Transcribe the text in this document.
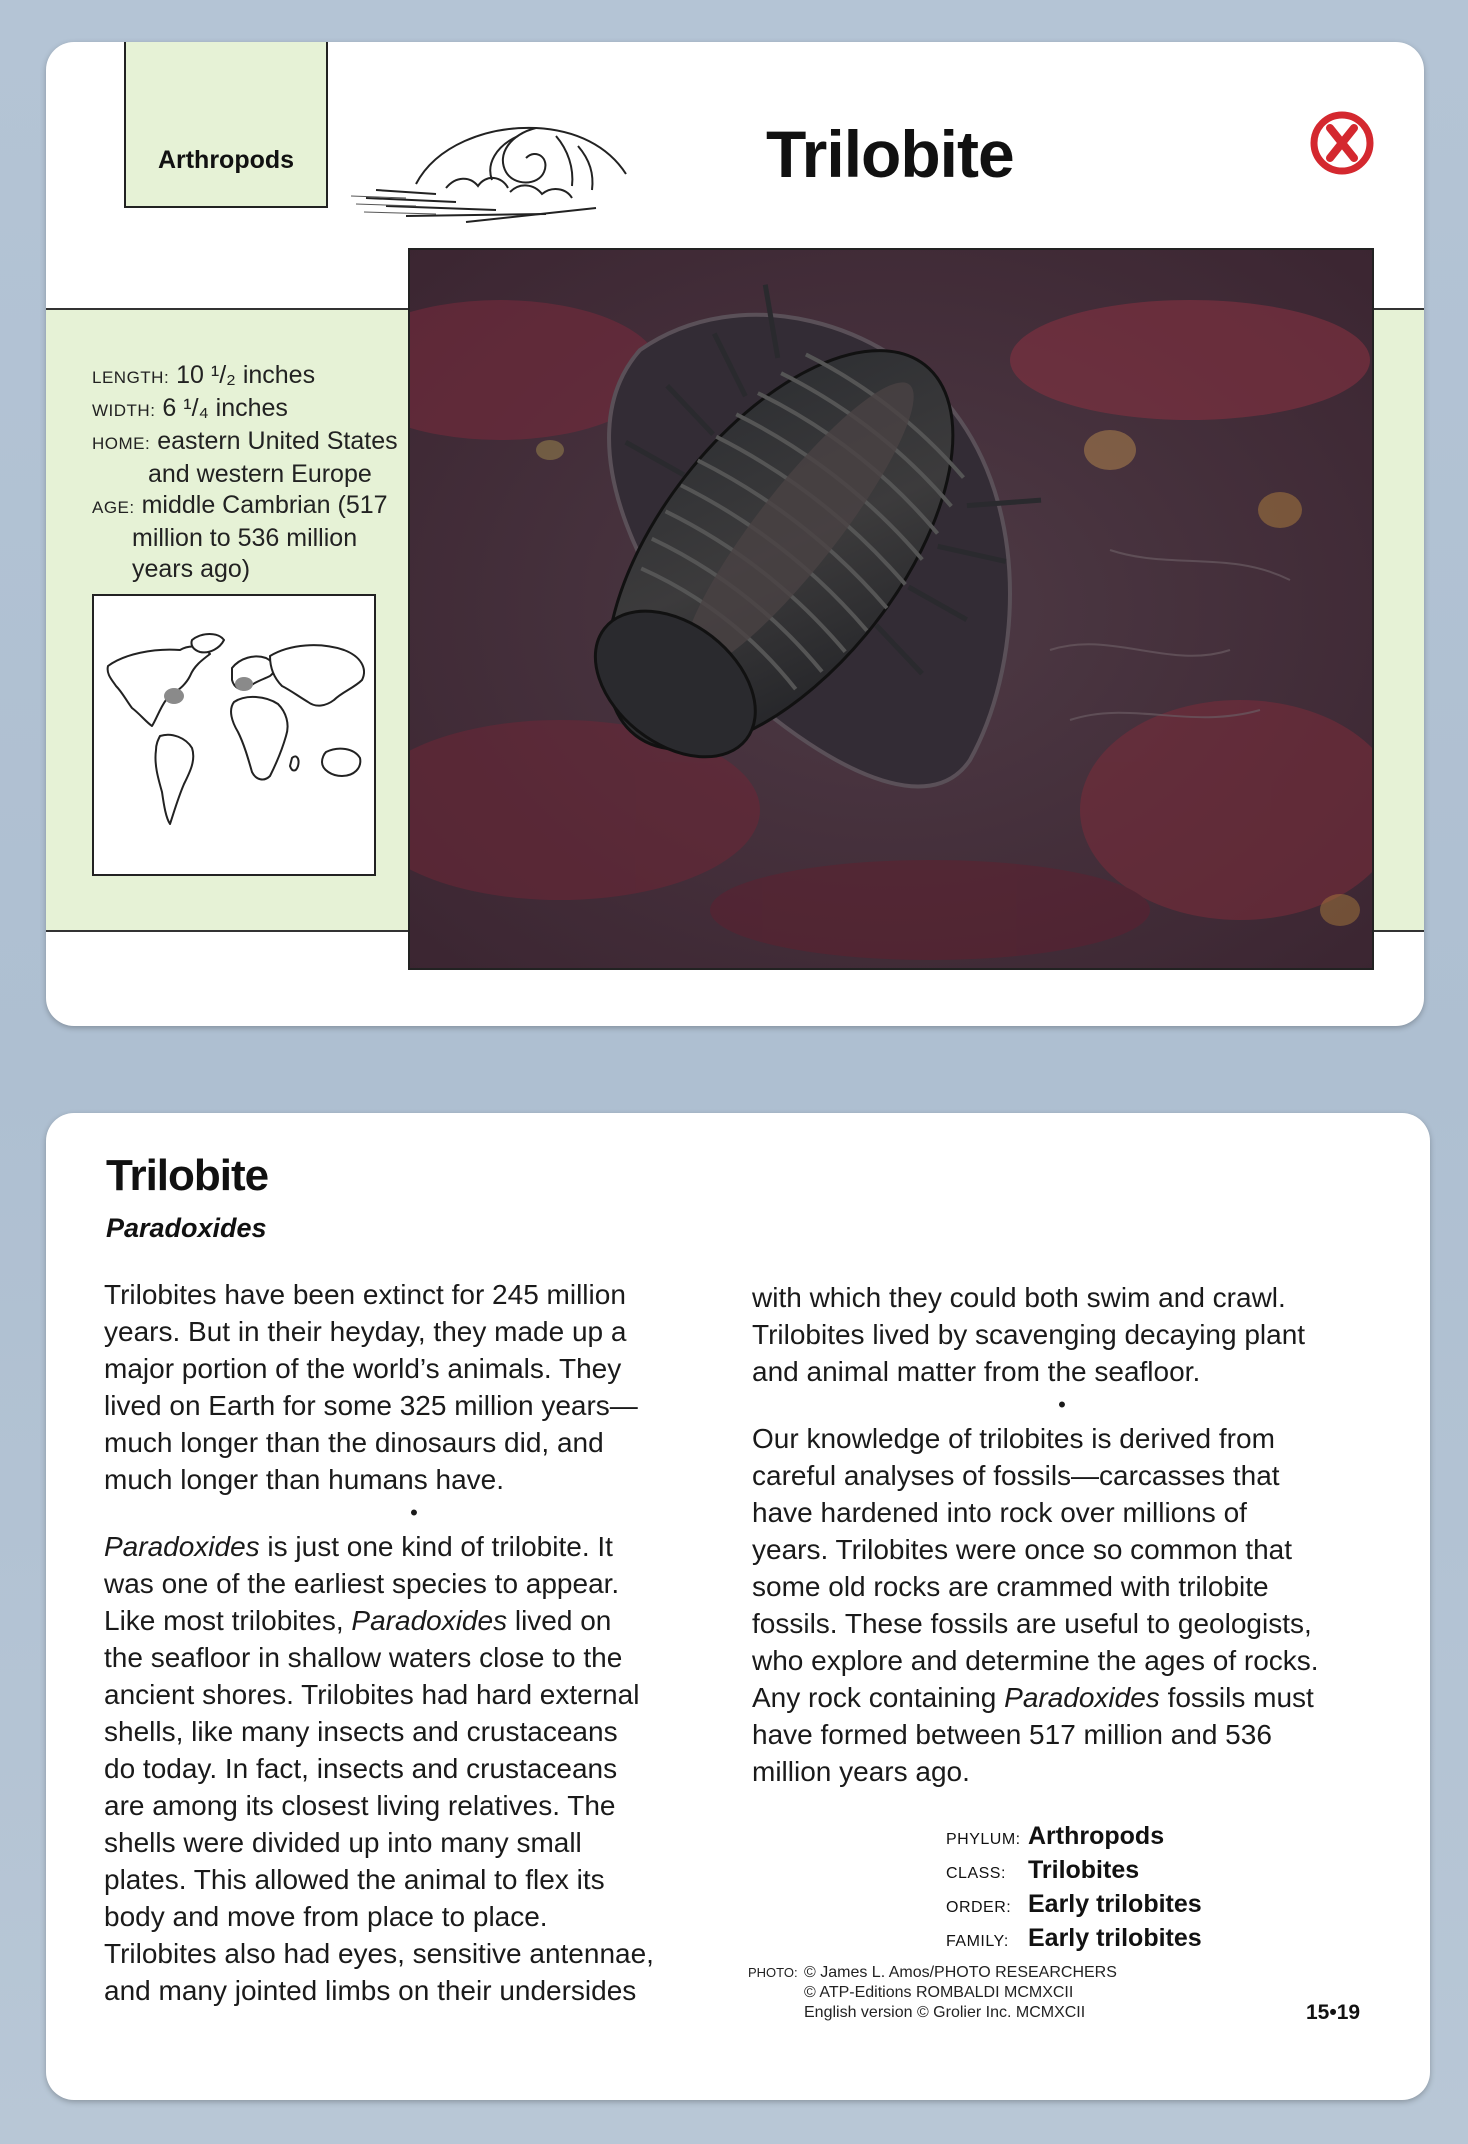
Arthropods	Trilobite
LENGTH: 10 ¹/₂ inches
WIDTH: 6 ¹/₄ inches
HOME: eastern United States
and western Europe
AGE: middle Cambrian (517
million to 536 million
years ago)
Trilobite
Paradoxides

Trilobites have been extinct for 245 million
years. But in their heyday, they made up a
major portion of the world’s animals. They
lived on Earth for some 325 million years—
much longer than the dinosaurs did, and
much longer than humans have.

•

Paradoxides is just one kind of trilobite. It
was one of the earliest species to appear.
Like most trilobites, Paradoxides lived on
the seafloor in shallow waters close to the
ancient shores. Trilobites had hard external
shells, like many insects and crustaceans
do today. In fact, insects and crustaceans
are among its closest living relatives. The
shells were divided up into many small
plates. This allowed the animal to flex its
body and move from place to place.
Trilobites also had eyes, sensitive antennae,
and many jointed limbs on their undersides

with which they could both swim and crawl.
Trilobites lived by scavenging decaying plant
and animal matter from the seafloor.

•

Our knowledge of trilobites is derived from
careful analyses of fossils—carcasses that
have hardened into rock over millions of
years. Trilobites were once so common that
some old rocks are crammed with trilobite
fossils. These fossils are useful to geologists,
who explore and determine the ages of rocks.
Any rock containing Paradoxides fossils must
have formed between 517 million and 536
million years ago.

PHYLUM: Arthropods
CLASS: Trilobites
ORDER: Early trilobites
FAMILY: Early trilobites
PHOTO: © James L. Amos/PHOTO RESEARCHERS
© ATP-Editions ROMBALDI MCMXCII
English version © Grolier Inc. MCMXCII	15•19
